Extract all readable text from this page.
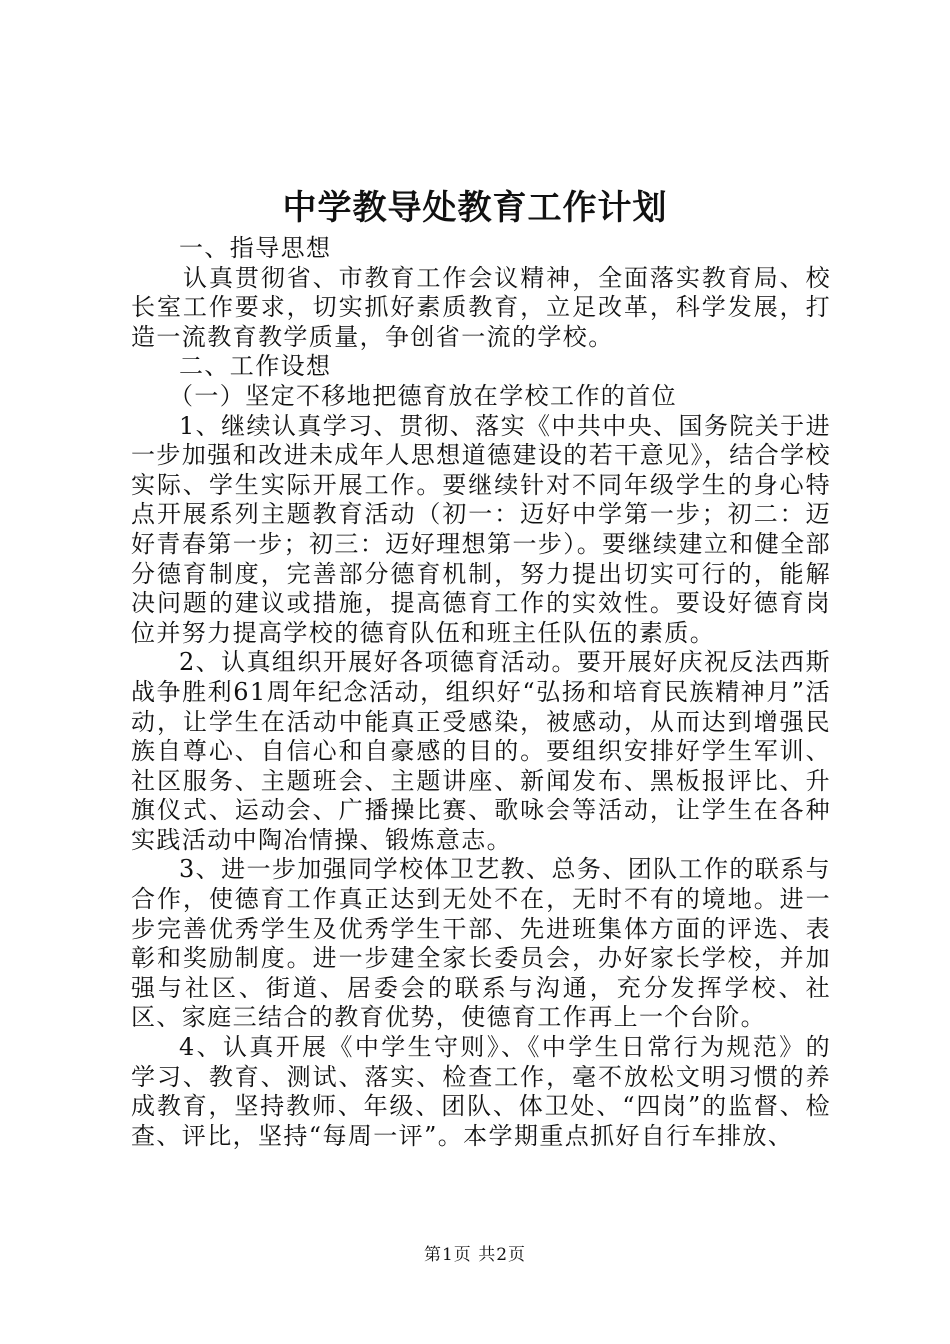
中学教导处教育工作计划

一、指导思想

认真贯彻省、市教育工作会议精神，全面落实教育局、校长室工作要求，切实抓好素质教育，立足改革，科学发展，打造一流教育教学质量，争创省一流的学校。

二、工作设想

（一）坚定不移地把德育放在学校工作的首位

1、继续认真学习、贯彻、落实《中共中央、国务院关于进一步加强和改进未成年人思想道德建设的若干意见》，结合学校实际、学生实际开展工作。要继续针对不同年级学生的身心特点开展系列主题教育活动（初一：迈好中学第一步；初二：迈好青春第一步；初三：迈好理想第一步）。要继续建立和健全部分德育制度，完善部分德育机制，努力提出切实可行的，能解决问题的建议或措施，提高德育工作的实效性。要设好德育岗位并努力提高学校的德育队伍和班主任队伍的素质。

2、认真组织开展好各项德育活动。要开展好庆祝反法西斯战争胜利61周年纪念活动，组织好“弘扬和培育民族精神月”活动，让学生在活动中能真正受感染，被感动，从而达到增强民族自尊心、自信心和自豪感的目的。要组织安排好学生军训、社区服务、主题班会、主题讲座、新闻发布、黑板报评比、升旗仪式、运动会、广播操比赛、歌咏会等活动，让学生在各种实践活动中陶冶情操、锻炼意志。

3、进一步加强同学校体卫艺教、总务、团队工作的联系与合作，使德育工作真正达到无处不在，无时不有的境地。进一步完善优秀学生及优秀学生干部、先进班集体方面的评选、表彰和奖励制度。进一步建全家长委员会，办好家长学校，并加强与社区、街道、居委会的联系与沟通，充分发挥学校、社区、家庭三结合的教育优势，使德育工作再上一个台阶。

4、认真开展《中学生守则》、《中学生日常行为规范》的学习、教育、测试、落实、检查工作，毫不放松文明习惯的养成教育，坚持教师、年级、团队、体卫处、“四岗”的监督、检查、评比，坚持“每周一评”。本学期重点抓好自行车排放、

第1页 共2页
